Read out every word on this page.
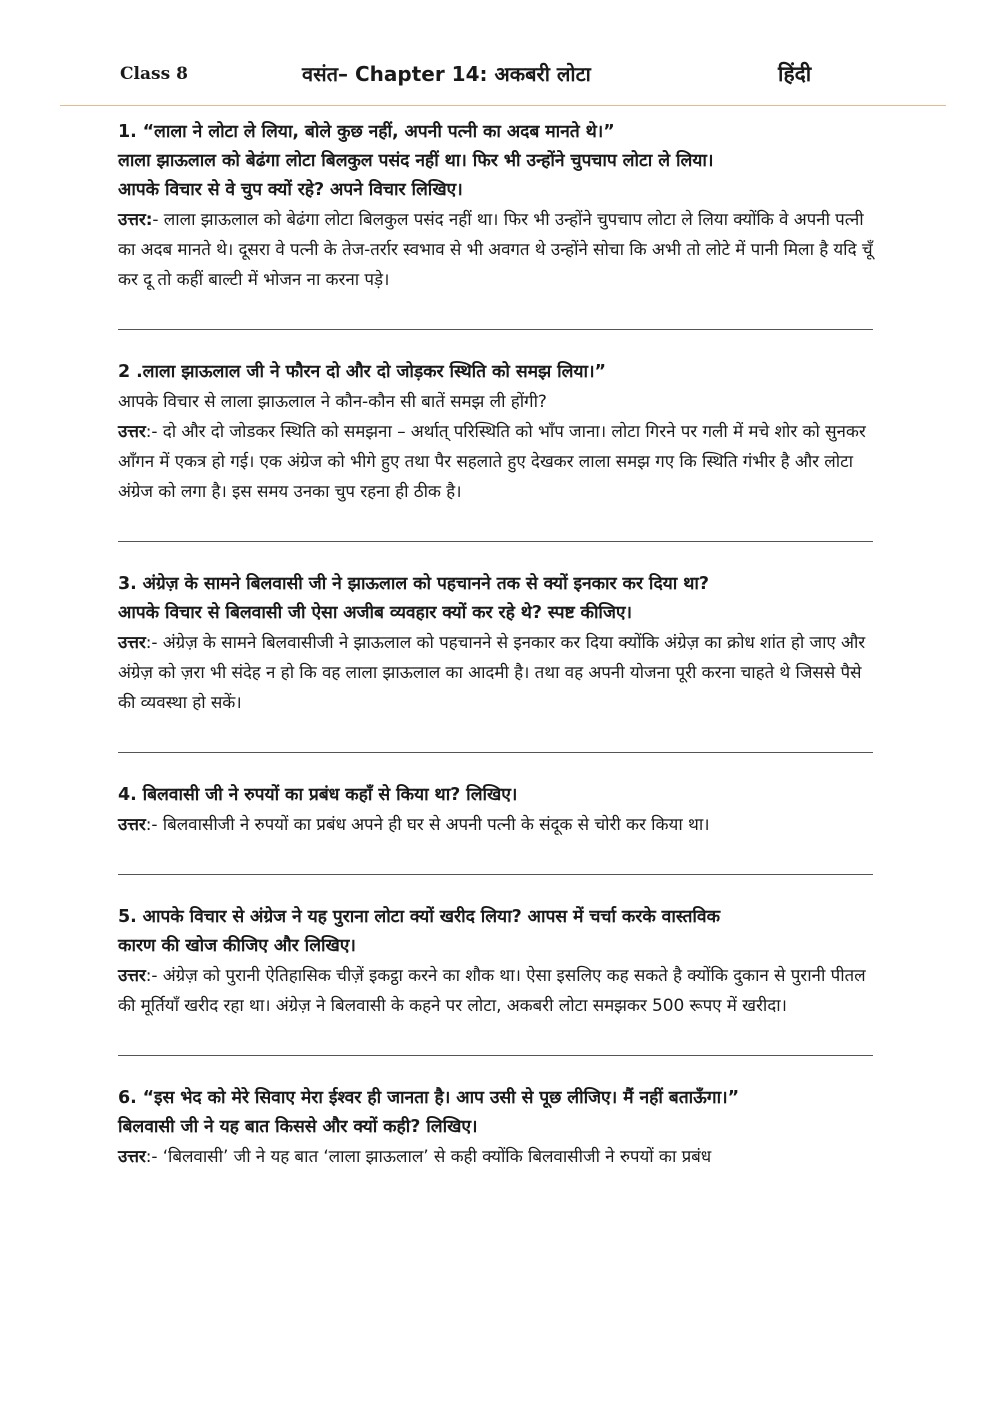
Class 8	वसंत– Chapter 14: अकबरी लोटा	हिंदी

1. “लाला ने लोटा ले लिया, बोले कुछ नहीं, अपनी पत्नी का अदब मानते थे।”

लाला झाऊलाल को बेढंगा लोटा बिलकुल पसंद नहीं था। फिर भी उन्होंने चुपचाप लोटा ले लिया।

आपके विचार से वे चुप क्यों रहे? अपने विचार लिखिए।

उत्तर:- लाला झाऊलाल को बेढंगा लोटा बिलकुल पसंद नहीं था। फिर भी उन्होंने चुपचाप लोटा ले लिया क्योंकि वे अपनी पत्नी का अदब मानते थे। दूसरा वे पत्नी के तेज-तर्रार स्वभाव से भी अवगत थे उन्होंने सोचा कि अभी तो लोटे में पानी मिला है यदि चूँ कर दू तो कहीं बाल्टी में भोजन ना करना पड़े।

2 .लाला झाऊलाल जी ने फौरन दो और दो जोड़कर स्थिति को समझ लिया।”

आपके विचार से लाला झाऊलाल ने कौन-कौन सी बातें समझ ली होंगी?

उत्तर:- दो और दो जोडकर स्थिति को समझना – अर्थात् परिस्थिति को भाँप जाना। लोटा गिरने पर गली में मचे शोर को सुनकर आँगन में एकत्र हो गई। एक अंग्रेज को भीगे हुए तथा पैर सहलाते हुए देखकर लाला समझ गए कि स्थिति गंभीर है और लोटा अंग्रेज को लगा है। इस समय उनका चुप रहना ही ठीक है।

3. अंग्रेज़ के सामने बिलवासी जी ने झाऊलाल को पहचानने तक से क्यों इनकार कर दिया था?

आपके विचार से बिलवासी जी ऐसा अजीब व्यवहार क्यों कर रहे थे? स्पष्ट कीजिए।

उत्तर:- अंग्रेज़ के सामने बिलवासीजी ने झाऊलाल को पहचानने से इनकार कर दिया क्योंकि अंग्रेज़ का क्रोध शांत हो जाए और अंग्रेज़ को ज़रा भी संदेह न हो कि वह लाला झाऊलाल का आदमी है। तथा वह अपनी योजना पूरी करना चाहते थे जिससे पैसे की व्यवस्था हो सकें।

4. बिलवासी जी ने रुपयों का प्रबंध कहाँ से किया था? लिखिए।

उत्तर:- बिलवासीजी ने रुपयों का प्रबंध अपने ही घर से अपनी पत्नी के संदूक से चोरी कर किया था।

5. आपके विचार से अंग्रेज ने यह पुराना लोटा क्यों खरीद लिया? आपस में चर्चा करके वास्तविक

कारण की खोज कीजिए और लिखिए।

उत्तर:- अंग्रेज़ को पुरानी ऐतिहासिक चीज़ें इकट्ठा करने का शौक था। ऐसा इसलिए कह सकते है क्योंकि दुकान से पुरानी पीतल की मूर्तियाँ खरीद रहा था। अंग्रेज़ ने बिलवासी के कहने पर लोटा, अकबरी लोटा समझकर 500 रूपए में खरीदा।

6. “इस भेद को मेरे सिवाए मेरा ईश्वर ही जानता है। आप उसी से पूछ लीजिए। मैं नहीं बताऊँगा।”

बिलवासी जी ने यह बात किससे और क्यों कही? लिखिए।

उत्तर:- ‘बिलवासी’ जी ने यह बात ‘लाला झाऊलाल’ से कही क्योंकि बिलवासीजी ने रुपयों का प्रबंध
